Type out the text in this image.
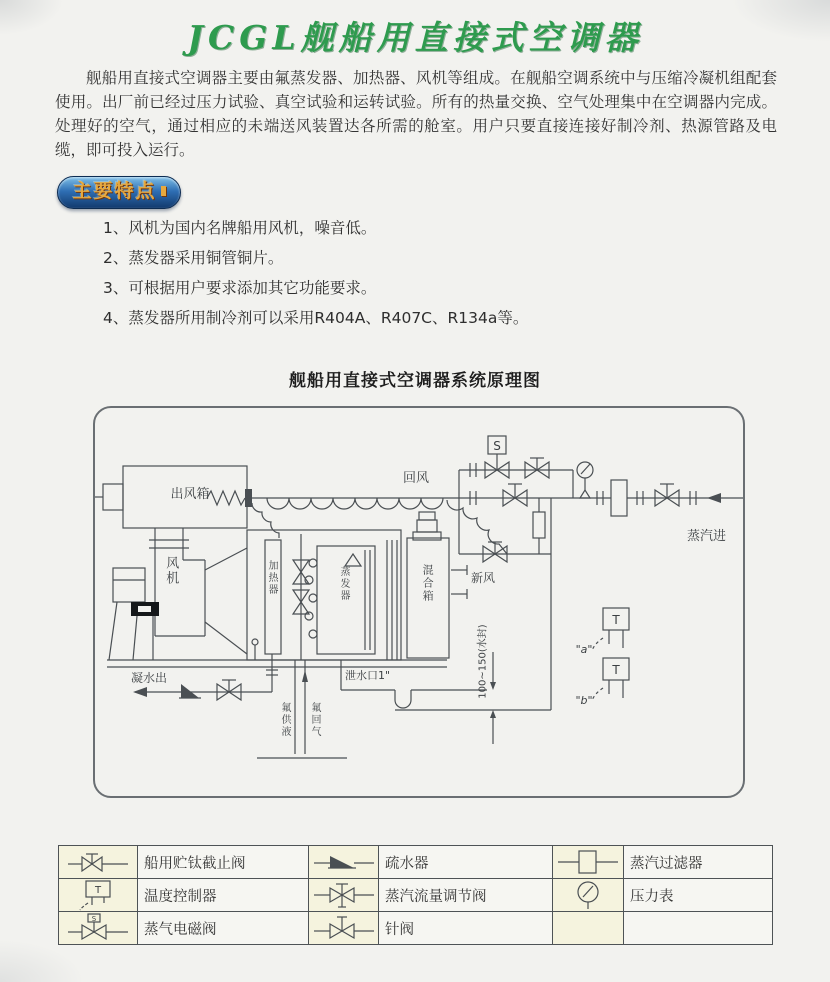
JCGL舰船用直接式空调器
舰船用直接式空调器主要由氟蒸发器、加热器、风机等组成。在舰船空调系统中与压缩冷凝机组配套使用。出厂前已经过压力试验、真空试验和运转试验。所有的热量交换、空气处理集中在空调器内完成。处理好的空气，通过相应的未端送风装置达各所需的舱室。用户只要直接连接好制冷剂、热源管路及电缆，即可投入运行。
主要特点
1、风机为国内名牌船用风机，噪音低。
2、蒸发器采用铜管铜片。
3、可根据用户要求添加其它功能要求。
4、蒸发器所用制冷剂可以采用R404A、R407C、R134a等。
舰船用直接式空调器系统原理图
S
T
"a"
T
"b"
出风箱
风机	加热器	蒸发器	混合箱	新风
回风
蒸汽进
凝水出
氟供液 氟回气
泄水口1"	100~150(水封)
	船用贮钛截止阀		疏水器		蒸汽过滤器

T	温度控制器		蒸汽流量调节阀		压力表

S	蒸气电磁阀		针阀		
